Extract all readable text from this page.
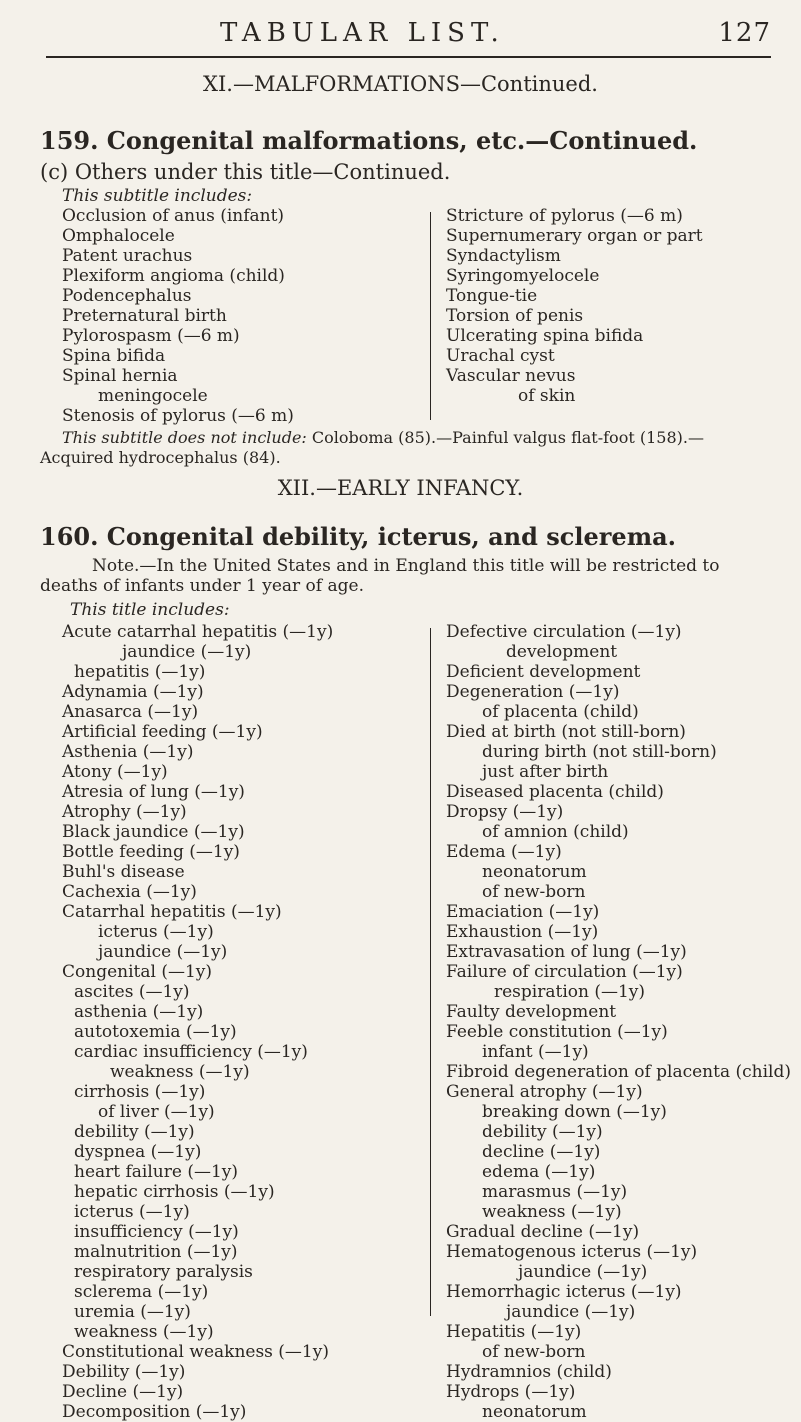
TABULAR LIST.	127
XI.—MALFORMATIONS—Continued.
159. Congenital malformations, etc.—Continued.
(c) Others under this title—Continued.
This subtitle includes:
Occlusion of anus (infant)
Omphalocele
Patent urachus
Plexiform angioma (child)
Podencephalus
Preternatural birth
Pylorospasm (—6 m)
Spina bifida
Spinal hernia
meningocele
Stenosis of pylorus (—6 m)
Stricture of pylorus (—6 m)
Supernumerary organ or part
Syndactylism
Syringomyelocele
Tongue-tie
Torsion of penis
Ulcerating spina bifida
Urachal cyst
Vascular nevus
of skin
This subtitle does not include: Coloboma (85).—Painful valgus flat-foot (158).—Acquired hydrocephalus (84).
XII.—EARLY INFANCY.
160. Congenital debility, icterus, and sclerema.
Note.—In the United States and in England this title will be restricted to deaths of infants under 1 year of age.
This title includes:
Acute catarrhal hepatitis (—1y)
jaundice (—1y)
hepatitis (—1y)
Adynamia (—1y)
Anasarca (—1y)
Artificial feeding (—1y)
Asthenia (—1y)
Atony (—1y)
Atresia of lung (—1y)
Atrophy (—1y)
Black jaundice (—1y)
Bottle feeding (—1y)
Buhl's disease
Cachexia (—1y)
Catarrhal hepatitis (—1y)
icterus (—1y)
jaundice (—1y)
Congenital (—1y)
ascites (—1y)
asthenia (—1y)
autotoxemia (—1y)
cardiac insufficiency (—1y)
weakness (—1y)
cirrhosis (—1y)
of liver (—1y)
debility (—1y)
dyspnea (—1y)
heart failure (—1y)
hepatic cirrhosis (—1y)
icterus (—1y)
insufficiency (—1y)
malnutrition (—1y)
respiratory paralysis
sclerema (—1y)
uremia (—1y)
weakness (—1y)
Constitutional weakness (—1y)
Debility (—1y)
Decline (—1y)
Decomposition (—1y)
Defective circulation (—1y)
development
Deficient development
Degeneration (—1y)
of placenta (child)
Died at birth (not still-born)
during birth (not still-born)
just after birth
Diseased placenta (child)
Dropsy (—1y)
of amnion (child)
Edema (—1y)
neonatorum
of new-born
Emaciation (—1y)
Exhaustion (—1y)
Extravasation of lung (—1y)
Failure of circulation (—1y)
respiration (—1y)
Faulty development
Feeble constitution (—1y)
infant (—1y)
Fibroid degeneration of placenta (child)
General atrophy (—1y)
breaking down (—1y)
debility (—1y)
decline (—1y)
edema (—1y)
marasmus (—1y)
weakness (—1y)
Gradual decline (—1y)
Hematogenous icterus (—1y)
jaundice (—1y)
Hemorrhagic icterus (—1y)
jaundice (—1y)
Hepatitis (—1y)
of new-born
Hydramnios (child)
Hydrops (—1y)
neonatorum
